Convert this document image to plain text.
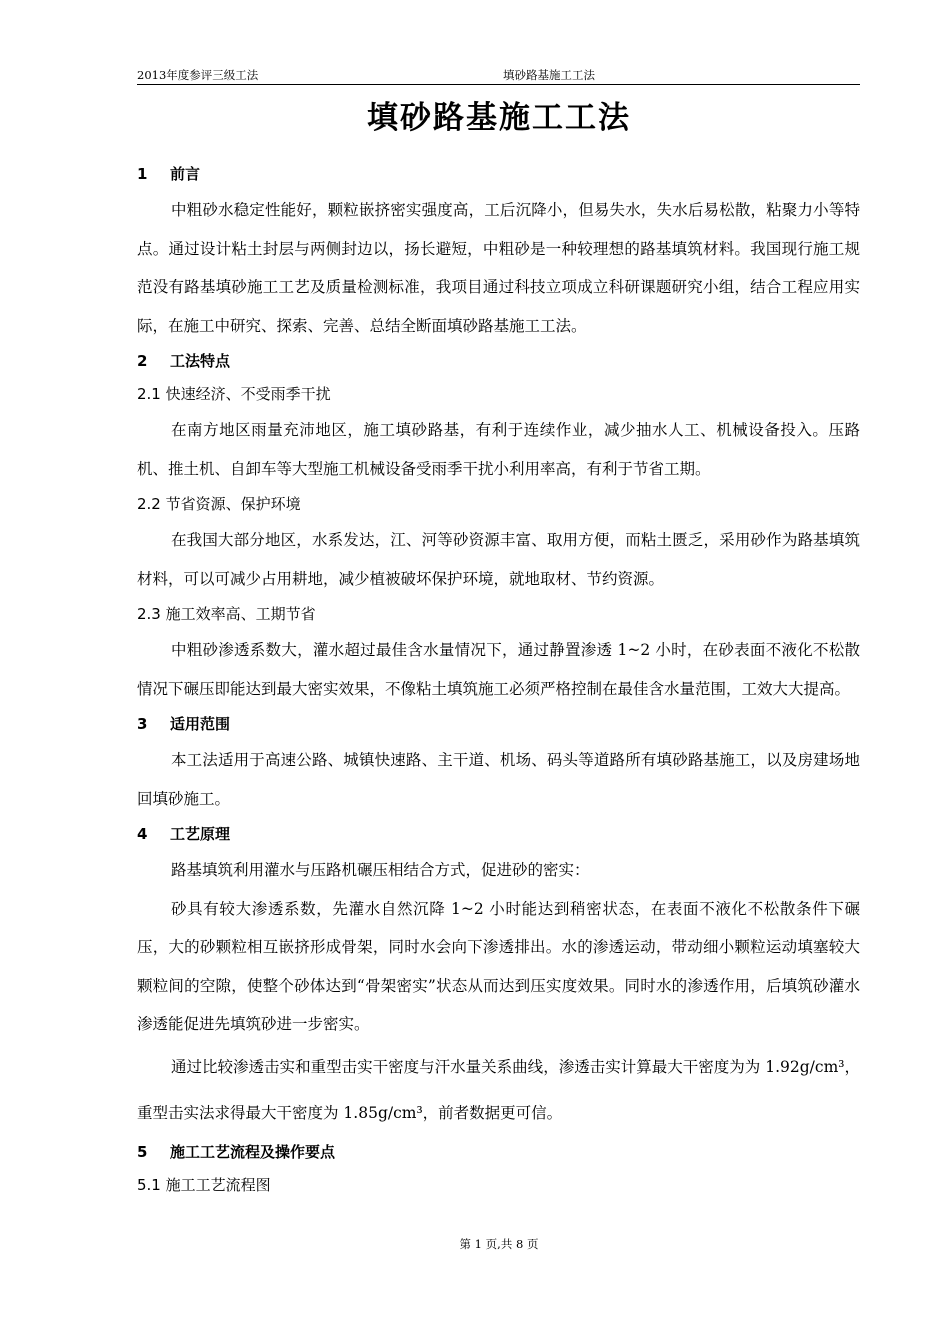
2013年度参评三级工法	填砂路基施工工法
填砂路基施工工法
1 前言

中粗砂水稳定性能好，颗粒嵌挤密实强度高，工后沉降小，但易失水，失水后易松散，粘聚力小等特点。通过设计粘土封层与两侧封边以，扬长避短，中粗砂是一种较理想的路基填筑材料。我国现行施工规范没有路基填砂施工工艺及质量检测标准，我项目通过科技立项成立科研课题研究小组，结合工程应用实际，在施工中研究、探索、完善、总结全断面填砂路基施工工法。

2 工法特点
2.1 快速经济、不受雨季干扰

在南方地区雨量充沛地区，施工填砂路基，有利于连续作业，减少抽水人工、机械设备投入。压路机、推土机、自卸车等大型施工机械设备受雨季干扰小利用率高，有利于节省工期。

2.2 节省资源、保护环境

在我国大部分地区，水系发达，江、河等砂资源丰富、取用方便，而粘土匮乏，采用砂作为路基填筑材料，可以可减少占用耕地，减少植被破坏保护环境，就地取材、节约资源。

2.3 施工效率高、工期节省

中粗砂渗透系数大，灌水超过最佳含水量情况下，通过静置渗透 1~2 小时，在砂表面不液化不松散情况下碾压即能达到最大密实效果，不像粘土填筑施工必须严格控制在最佳含水量范围，工效大大提高。

3 适用范围

本工法适用于高速公路、城镇快速路、主干道、机场、码头等道路所有填砂路基施工，以及房建场地回填砂施工。

4 工艺原理

路基填筑利用灌水与压路机碾压相结合方式，促进砂的密实：

砂具有较大渗透系数，先灌水自然沉降 1~2 小时能达到稍密状态，在表面不液化不松散条件下碾压，大的砂颗粒相互嵌挤形成骨架，同时水会向下渗透排出。水的渗透运动，带动细小颗粒运动填塞较大颗粒间的空隙，使整个砂体达到“骨架密实”状态从而达到压实度效果。同时水的渗透作用，后填筑砂灌水渗透能促进先填筑砂进一步密实。

通过比较渗透击实和重型击实干密度与汗水量关系曲线，渗透击实计算最大干密度为为 1.92g/cm³，重型击实法求得最大干密度为 1.85g/cm³，前者数据更可信。

5 施工工艺流程及操作要点
5.1 施工工艺流程图
第 1 页,共 8 页
